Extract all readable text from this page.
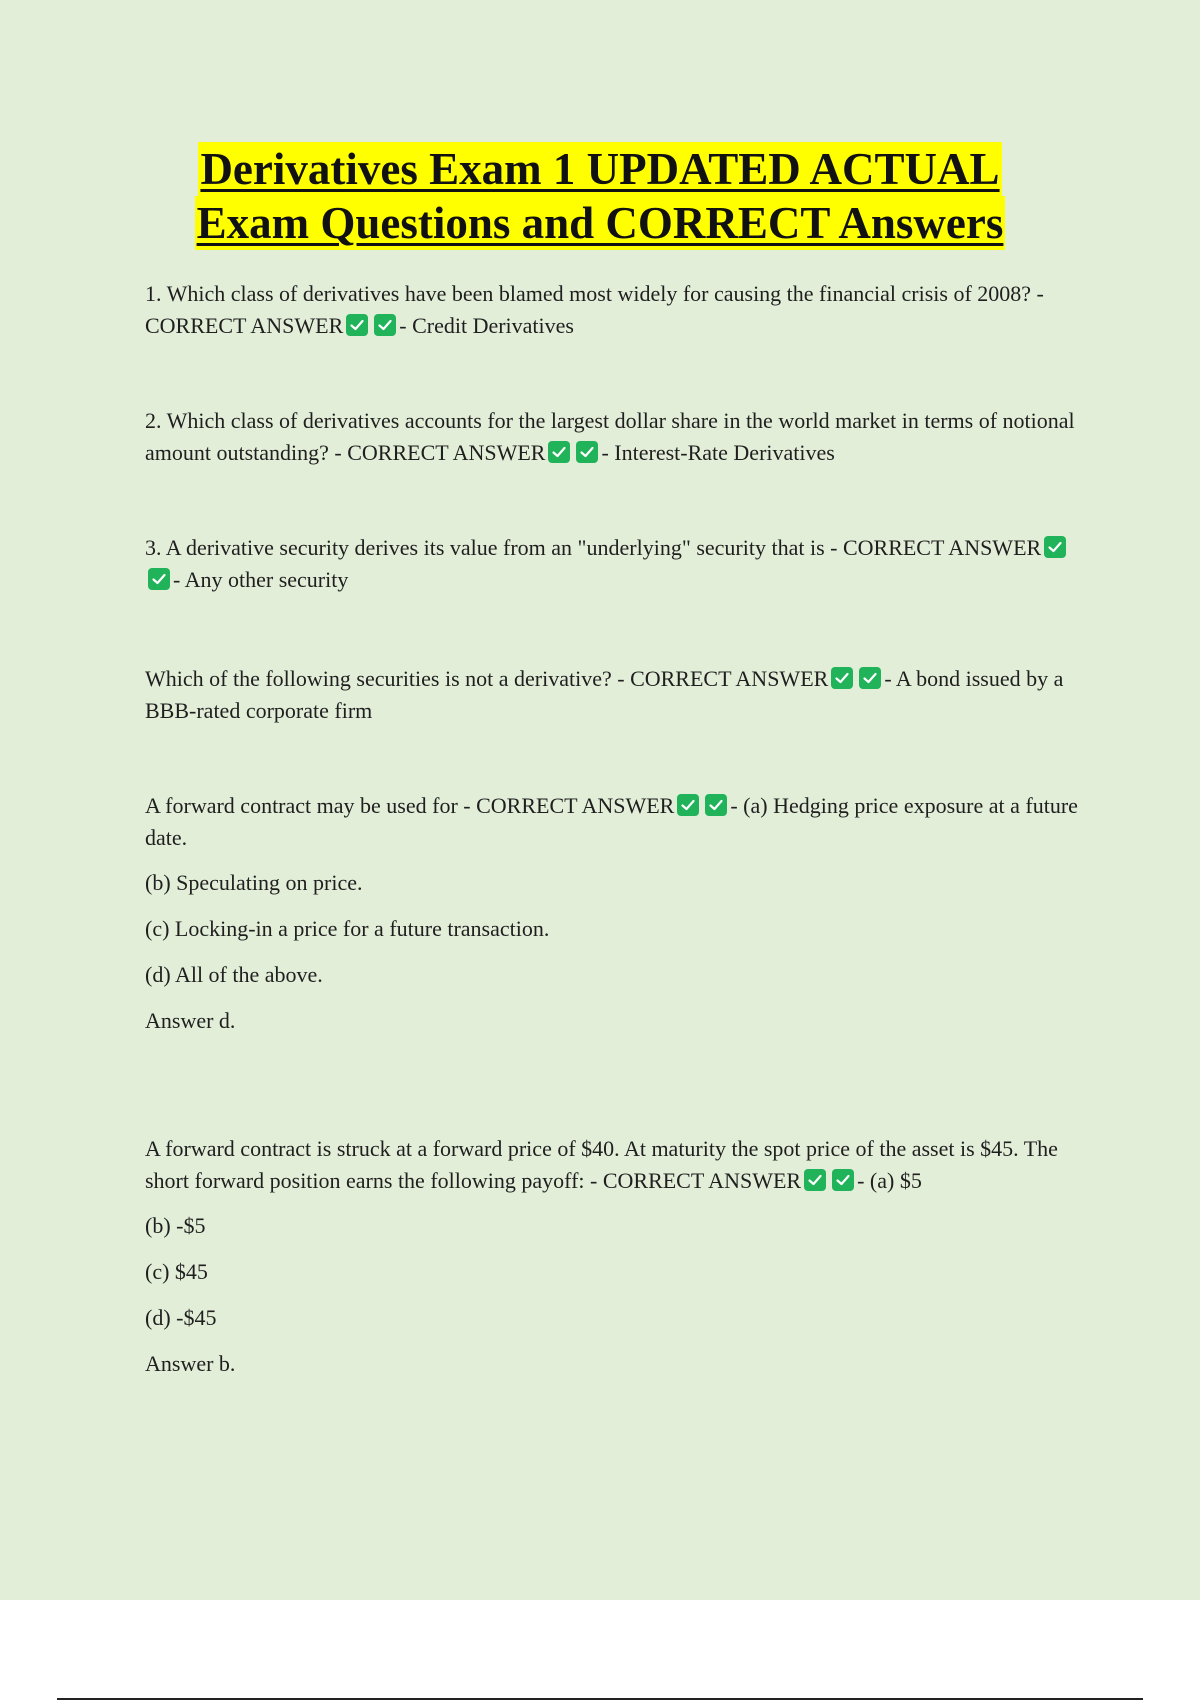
Derivatives Exam 1 UPDATED ACTUAL
Exam Questions and CORRECT Answers

1. Which class of derivatives have been blamed most widely for causing the financial crisis of 2008? - CORRECT ANSWER	- Credit Derivatives

2. Which class of derivatives accounts for the largest dollar share in the world market in terms of notional amount outstanding? - CORRECT ANSWER	- Interest-Rate Derivatives

3. A derivative security derives its value from an "underlying" security that is - CORRECT ANSWER
- Any other security

Which of the following securities is not a derivative? - CORRECT ANSWER	- A bond issued by a BBB-rated corporate firm

A forward contract may be used for - CORRECT ANSWER	- (a) Hedging price exposure at a future date.

(b) Speculating on price.

(c) Locking-in a price for a future transaction.

(d) All of the above.

Answer d.

A forward contract is struck at a forward price of $40. At maturity the spot price of the asset is $45. The short forward position earns the following payoff: - CORRECT ANSWER	- (a) $5

(b) -$5

(c) $45

(d) -$45

Answer b.
